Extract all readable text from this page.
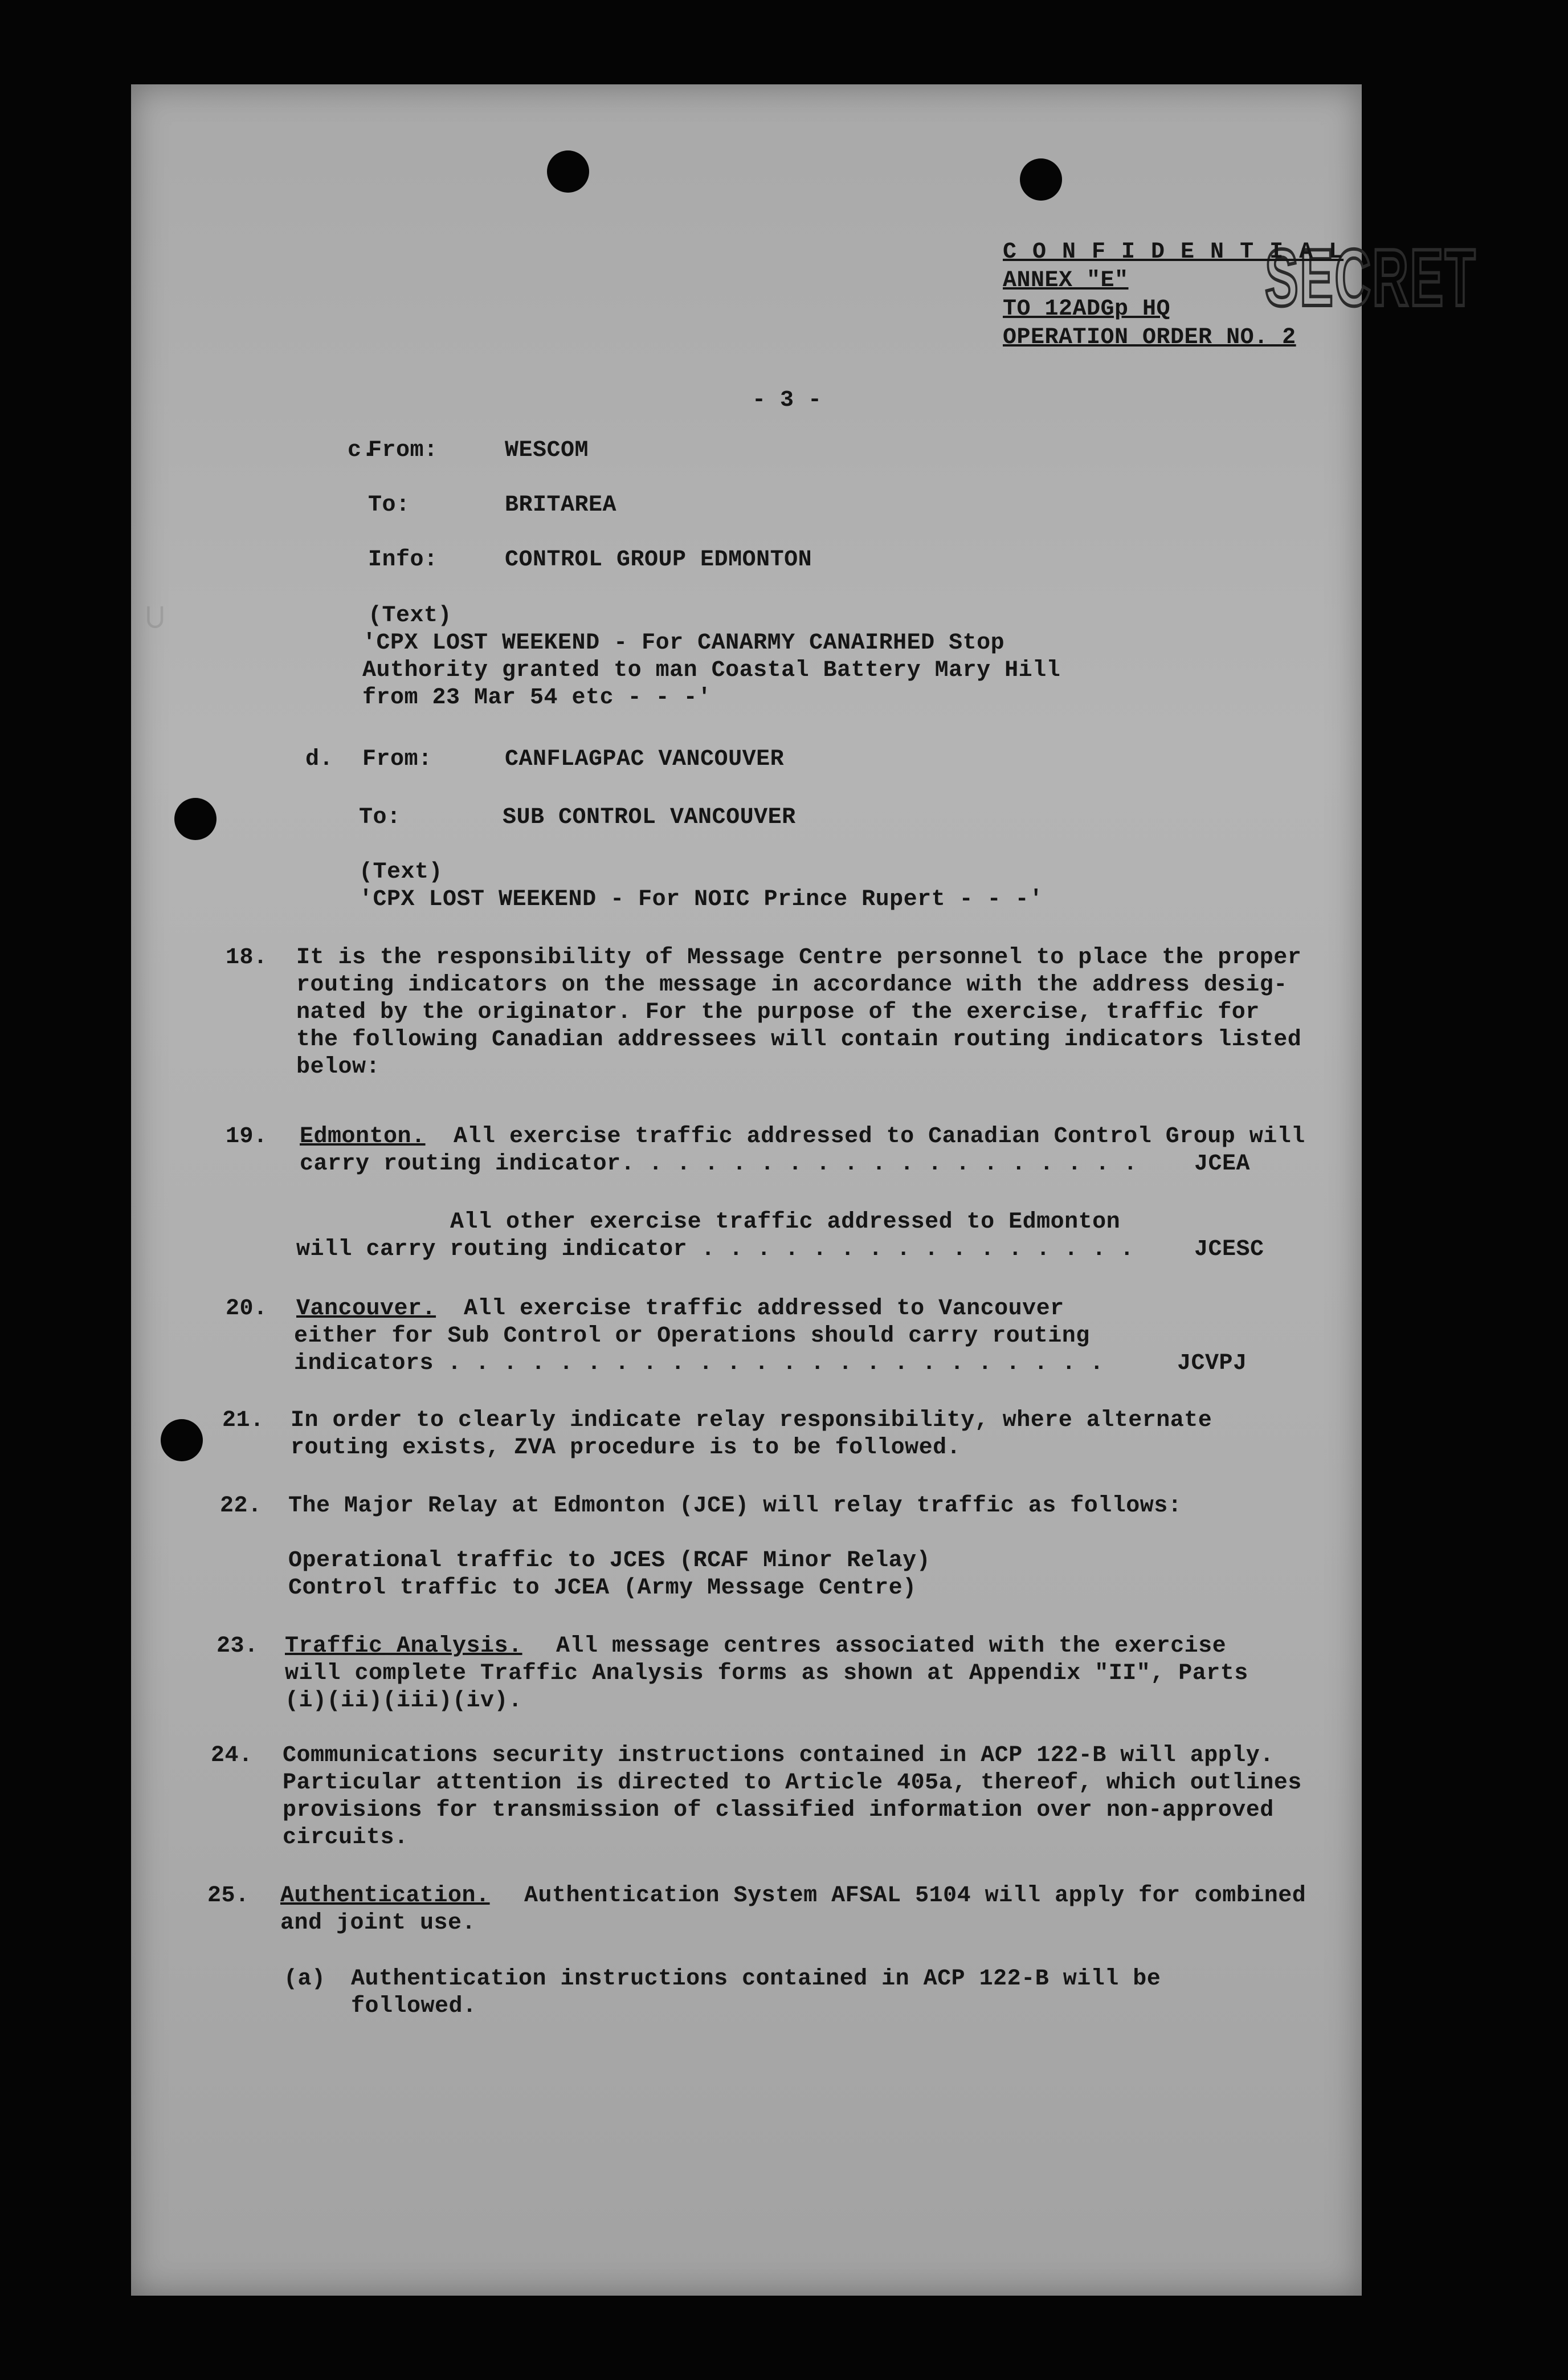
⊂
SECRET
C O N F I D E N T I A L
ANNEX "E"
TO 12ADGp HQ
OPERATION ORDER NO. 2
- 3 -
c.
From:	WESCOM
To:	BRITAREA
Info:	CONTROL GROUP EDMONTON
(Text)
'CPX LOST WEEKEND - For CANARMY CANAIRHED Stop
Authority granted to man Coastal Battery Mary Hill
from 23 Mar 54 etc - - -'
d. From:	CANFLAGPAC VANCOUVER
To:	SUB CONTROL VANCOUVER
(Text)
'CPX LOST WEEKEND - For NOIC Prince Rupert - - -'
18. It is the responsibility of Message Centre personnel to place the proper
routing indicators on the message in accordance with the address desig-
nated by the originator. For the purpose of the exercise, traffic for
the following Canadian addressees will contain routing indicators listed
below:
19. Edmonton. All exercise traffic addressed to Canadian Control Group will
carry routing indicator. . . . . . . . . . . . . . . . . . . JCEA
All other exercise traffic addressed to Edmonton
will carry routing indicator . . . . . . . . . . . . . . . .	JCESC
20. Vancouver. All exercise traffic addressed to Vancouver
either for Sub Control or Operations should carry routing
indicators . . . . . . . . . . . . . . . . . . . . . . . .	JCVPJ
21. In order to clearly indicate relay responsibility, where alternate
routing exists, ZVA procedure is to be followed.
22. The Major Relay at Edmonton (JCE) will relay traffic as follows:
Operational traffic to JCES (RCAF Minor Relay)
Control traffic to JCEA (Army Message Centre)
23. Traffic Analysis. All message centres associated with the exercise
will complete Traffic Analysis forms as shown at Appendix "II", Parts
(i)(ii)(iii)(iv).
24. Communications security instructions contained in ACP 122-B will apply.
Particular attention is directed to Article 405a, thereof, which outlines
provisions for transmission of classified information over non-approved
circuits.
25. Authentication. Authentication System AFSAL 5104 will apply for combined
and joint use.
(a) Authentication instructions contained in ACP 122-B will be
followed.
